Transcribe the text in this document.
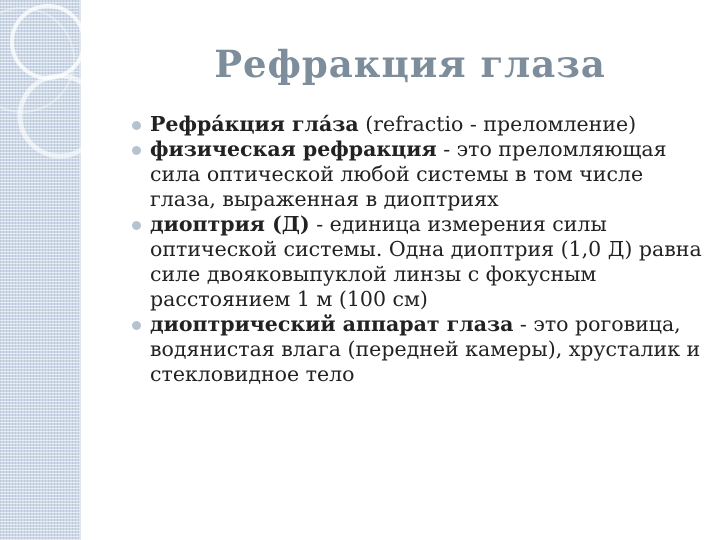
Рефракция глаза
Рефра́кция гла́за (refractio - преломление)
физическая рефракция - это преломляющая сила оптической любой системы в том числе глаза, выраженная в диоптриях
диоптрия (Д) - единица измерения силы оптической системы. Одна диоптрия (1,0 Д) равна силе двояковыпуклой линзы с фокусным расстоянием 1 м (100 см)
диоптрический аппарат глаза - это роговица, водянистая влага (передней камеры), хрусталик и стекловидное тело
